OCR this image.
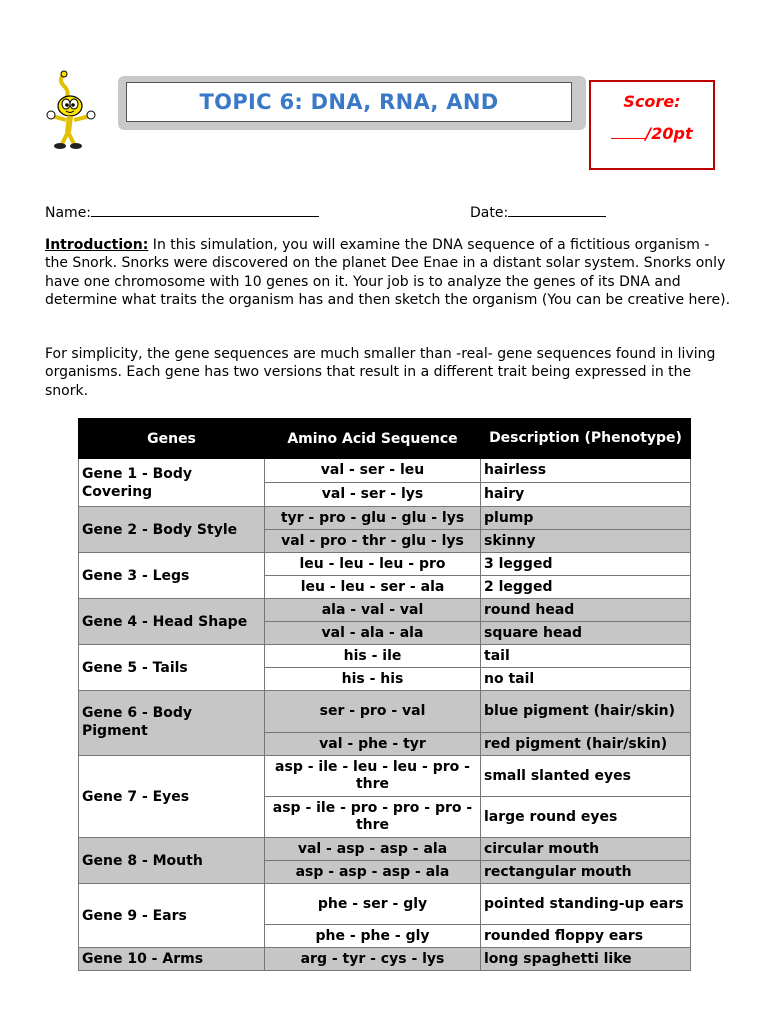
TOPIC 6: DNA, RNA, AND	Score:
/20pt
Name:	Date:
Introduction: In this simulation, you will examine the DNA sequence of a fictitious organism - the Snork. Snorks were discovered on the planet Dee Enae in a distant solar system. Snorks only have one chromosome with 10 genes on it. Your job is to analyze the genes of its DNA and determine what traits the organism has and then sketch the organism (You can be creative here).
For simplicity, the gene sequences are much smaller than -real- gene sequences found in living organisms. Each gene has two versions that result in a different trait being expressed in the snork.
Genes	Amino Acid Sequence	Description (Phenotype)
Gene 1 - Body Covering	val - ser - leu	hairless
	val - ser - lys	hairy
Gene 2 - Body Style	tyr - pro - glu - glu - lys	plump
	val - pro - thr - glu - lys	skinny
Gene 3 - Legs	leu - leu - leu - pro	3 legged
	leu - leu - ser - ala	2 legged
Gene 4 - Head Shape	ala - val - val	round head
	val - ala - ala	square head
Gene 5 - Tails	his - ile	tail
	his - his	no tail
Gene 6 - Body Pigment	ser - pro - val	blue pigment (hair/skin)
	val - phe - tyr	red pigment (hair/skin)
Gene 7 - Eyes	asp - ile - leu - leu - pro - thre	small slanted eyes
	asp - ile - pro - pro - pro - thre	large round eyes
Gene 8 - Mouth	val - asp - asp - ala	circular mouth
	asp - asp - asp - ala	rectangular mouth
Gene 9 - Ears	phe - ser - gly	pointed standing-up ears
	phe - phe - gly	rounded floppy ears
Gene 10 - Arms	arg - tyr - cys - lys	long spaghetti like
